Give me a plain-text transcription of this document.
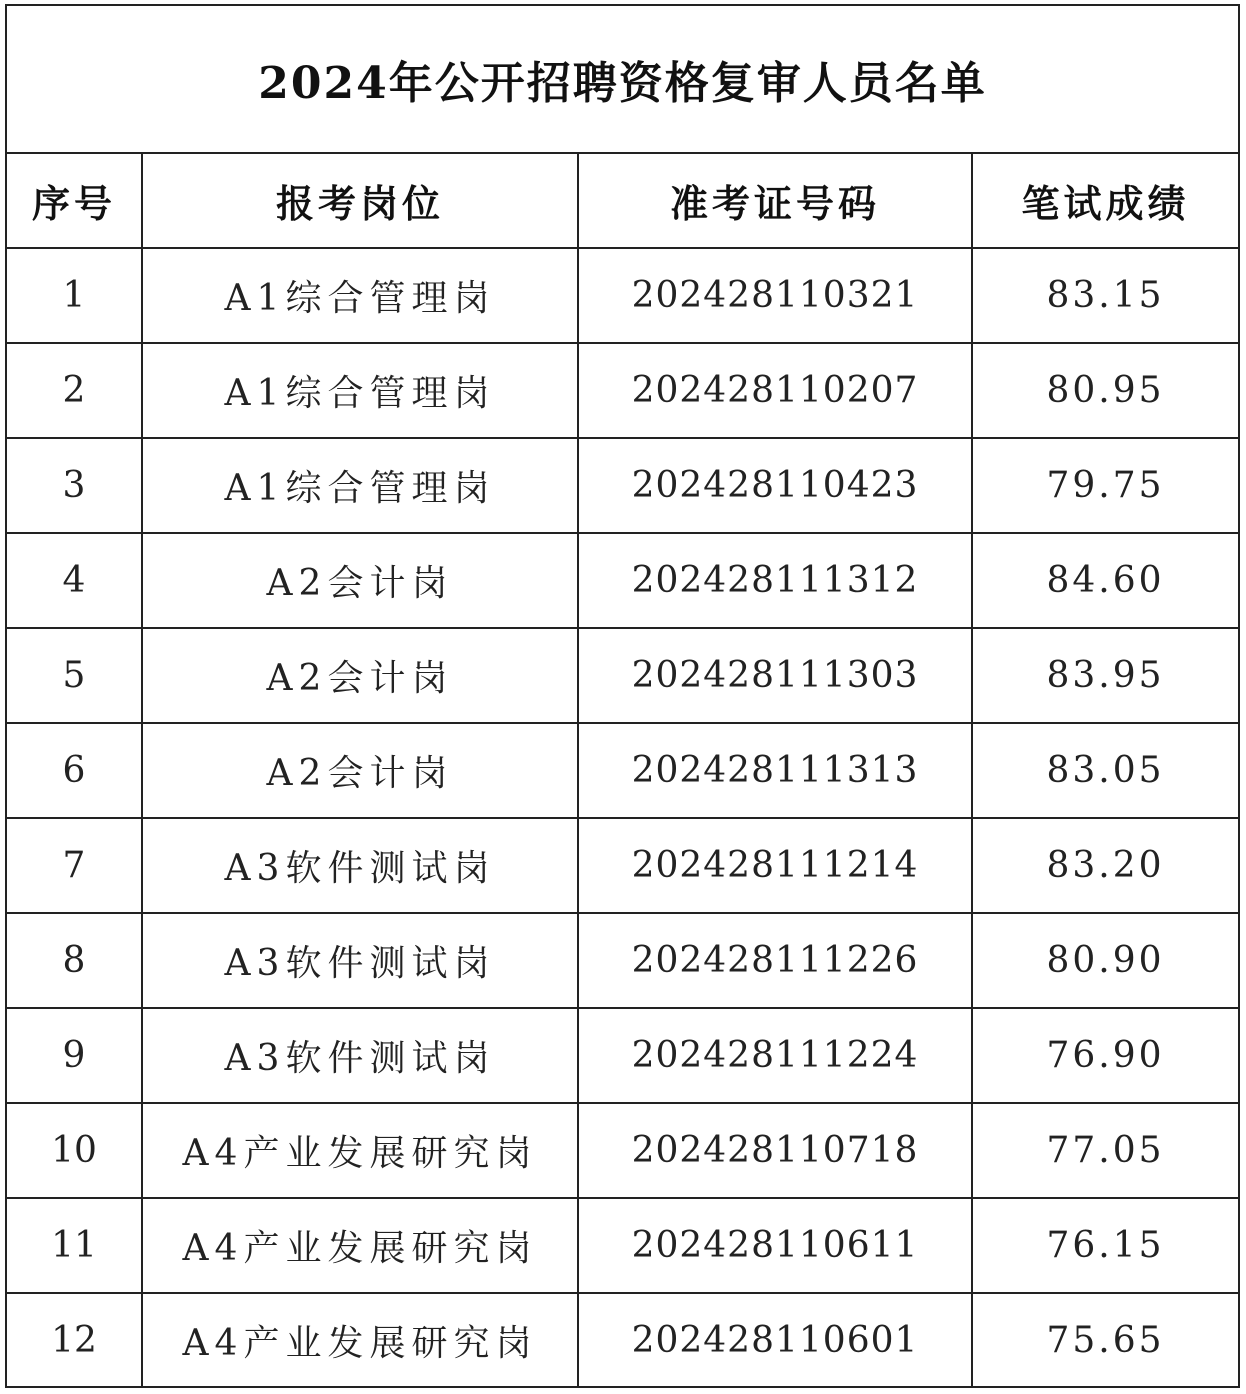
2024年公开招聘资格复审人员名单
序号	报考岗位	准考证号码	笔试成绩
1	A1综合管理岗	202428110321	83.15
2	A1综合管理岗	202428110207	80.95
3	A1综合管理岗	202428110423	79.75
4	A2会计岗	202428111312	84.60
5	A2会计岗	202428111303	83.95
6	A2会计岗	202428111313	83.05
7	A3软件测试岗	202428111214	83.20
8	A3软件测试岗	202428111226	80.90
9	A3软件测试岗	202428111224	76.90
10	A4产业发展研究岗	202428110718	77.05
11	A4产业发展研究岗	202428110611	76.15
12	A4产业发展研究岗	202428110601	75.65
